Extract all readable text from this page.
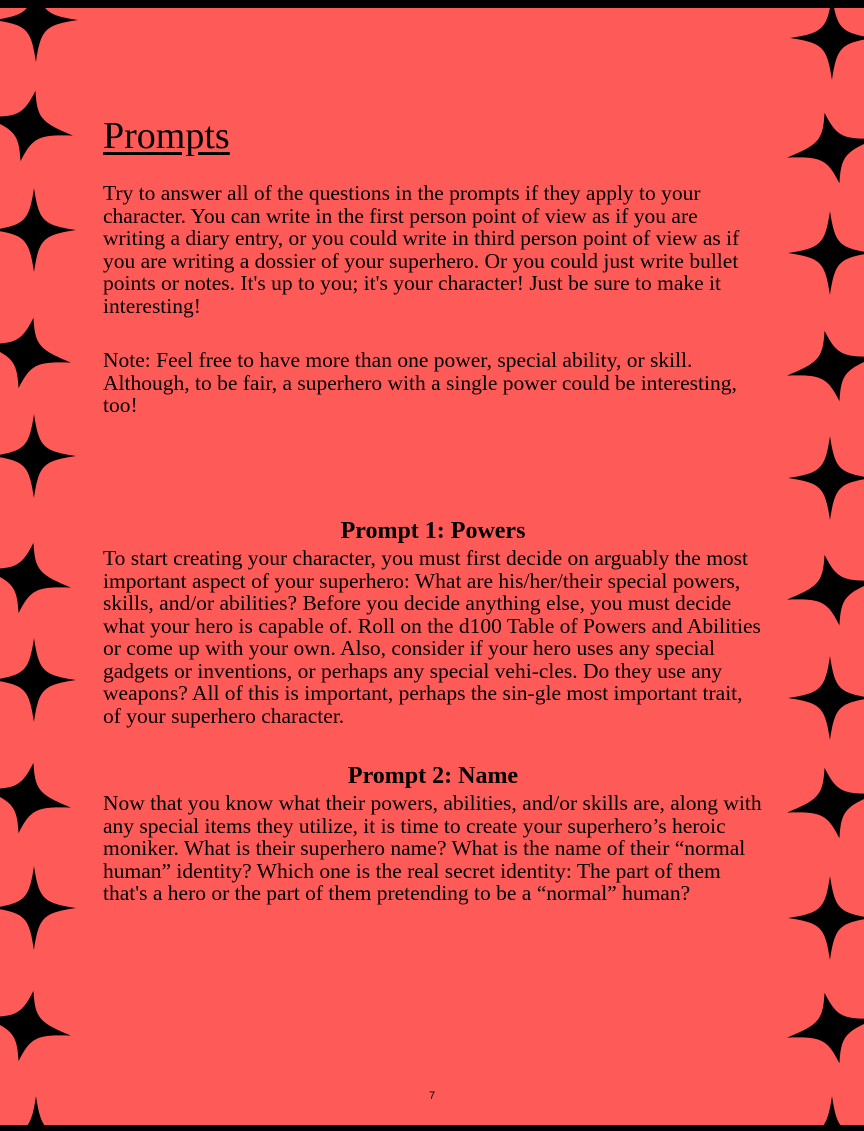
Prompts

Try to answer all of the questions in the prompts if they apply to your character. You can write in the first person point of view as if you are writing a diary entry, or you could write in third person point of view as if you are writing a dossier of your superhero. Or you could just write bullet points or notes. It's up to you; it's your character! Just be sure to make it interesting!

Note: Feel free to have more than one power, special ability, or skill. Although, to be fair, a superhero with a single power could be interesting, too!

Prompt 1: Powers

To start creating your character, you must first decide on arguably the most important aspect of your superhero: What are his/her/their special powers, skills, and/or abilities? Before you decide anything else, you must decide what your hero is capable of. Roll on the d100 Table of Powers and Abilities or come up with your own. Also, consider if your hero uses any special gadgets or inventions, or perhaps any special vehi-cles. Do they use any weapons? All of this is important, perhaps the sin-gle most important trait, of your superhero character.

Prompt 2: Name

Now that you know what their powers, abilities, and/or skills are, along with any special items they utilize, it is time to create your superhero’s heroic moniker. What is their superhero name? What is the name of their “normal human” identity? Which one is the real secret identity: The part of them that's a hero or the part of them pretending to be a “normal” human?

7
